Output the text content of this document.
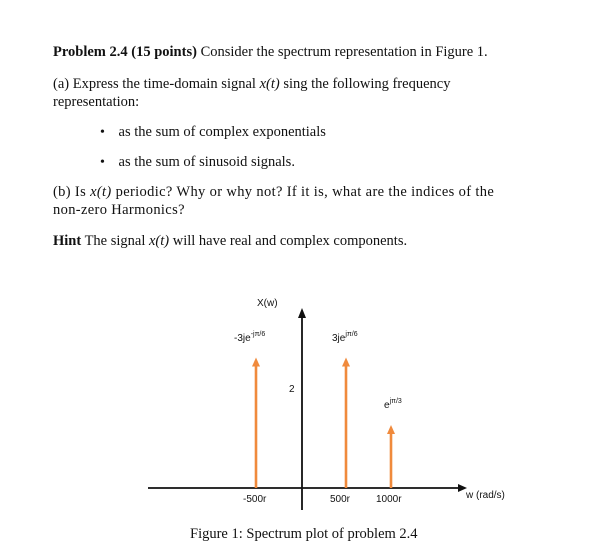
Problem 2.4 (15 points) Consider the spectrum representation in Figure 1.
(a) Express the time-domain signal x(t) sing the following frequency
representation:
• as the sum of complex exponentials
• as the sum of sinusoid signals.
(b) Is x(t) periodic? Why or why not? If it is, what are the indices of the
non-zero Harmonics?
Hint The signal x(t) will have real and complex components.
X(w)
w (rad/s)
$-3je^{-j\pi/6}$
2
$3je^{j\pi/6}$
$e^{j\pi/3}$
-500r	500r	1000r
Figure 1: Spectrum plot of problem 2.4
